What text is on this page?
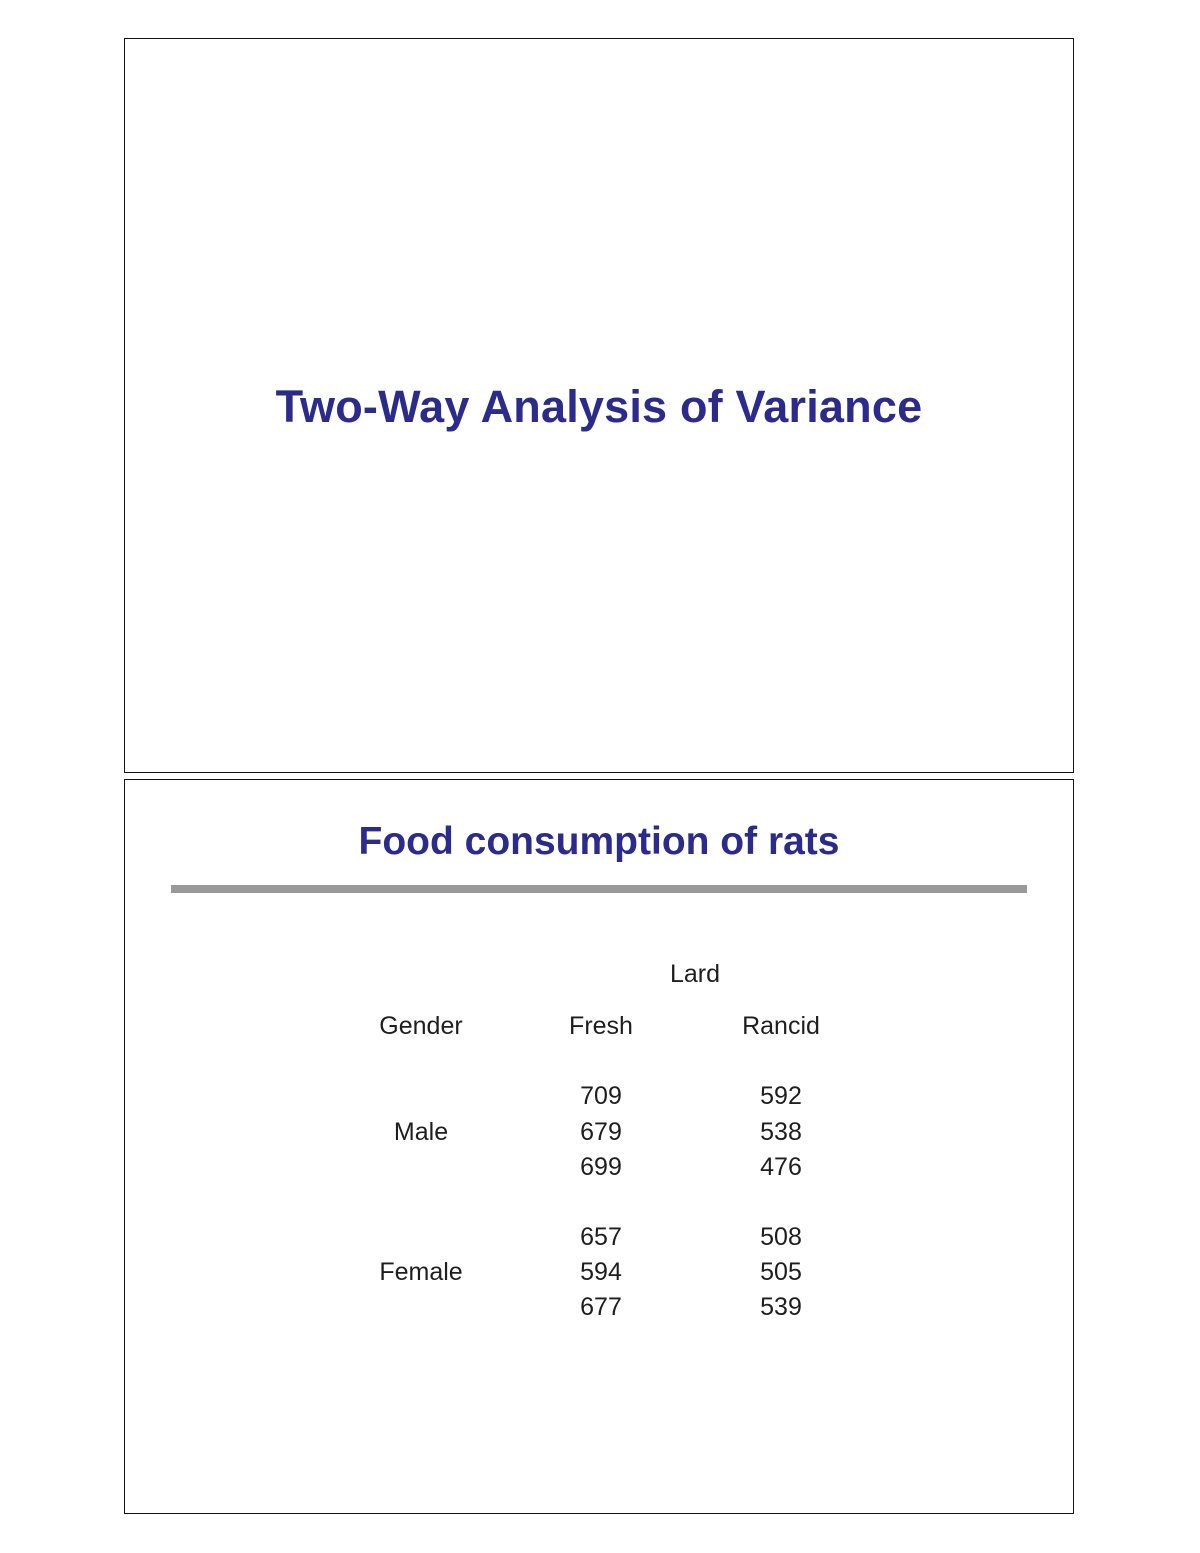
Two-Way Analysis of Variance
Food consumption of rats
Lard
Gender	Fresh	Rancid
Male
709
679
699
592
538
476
Female
657
594
677
508
505
539
